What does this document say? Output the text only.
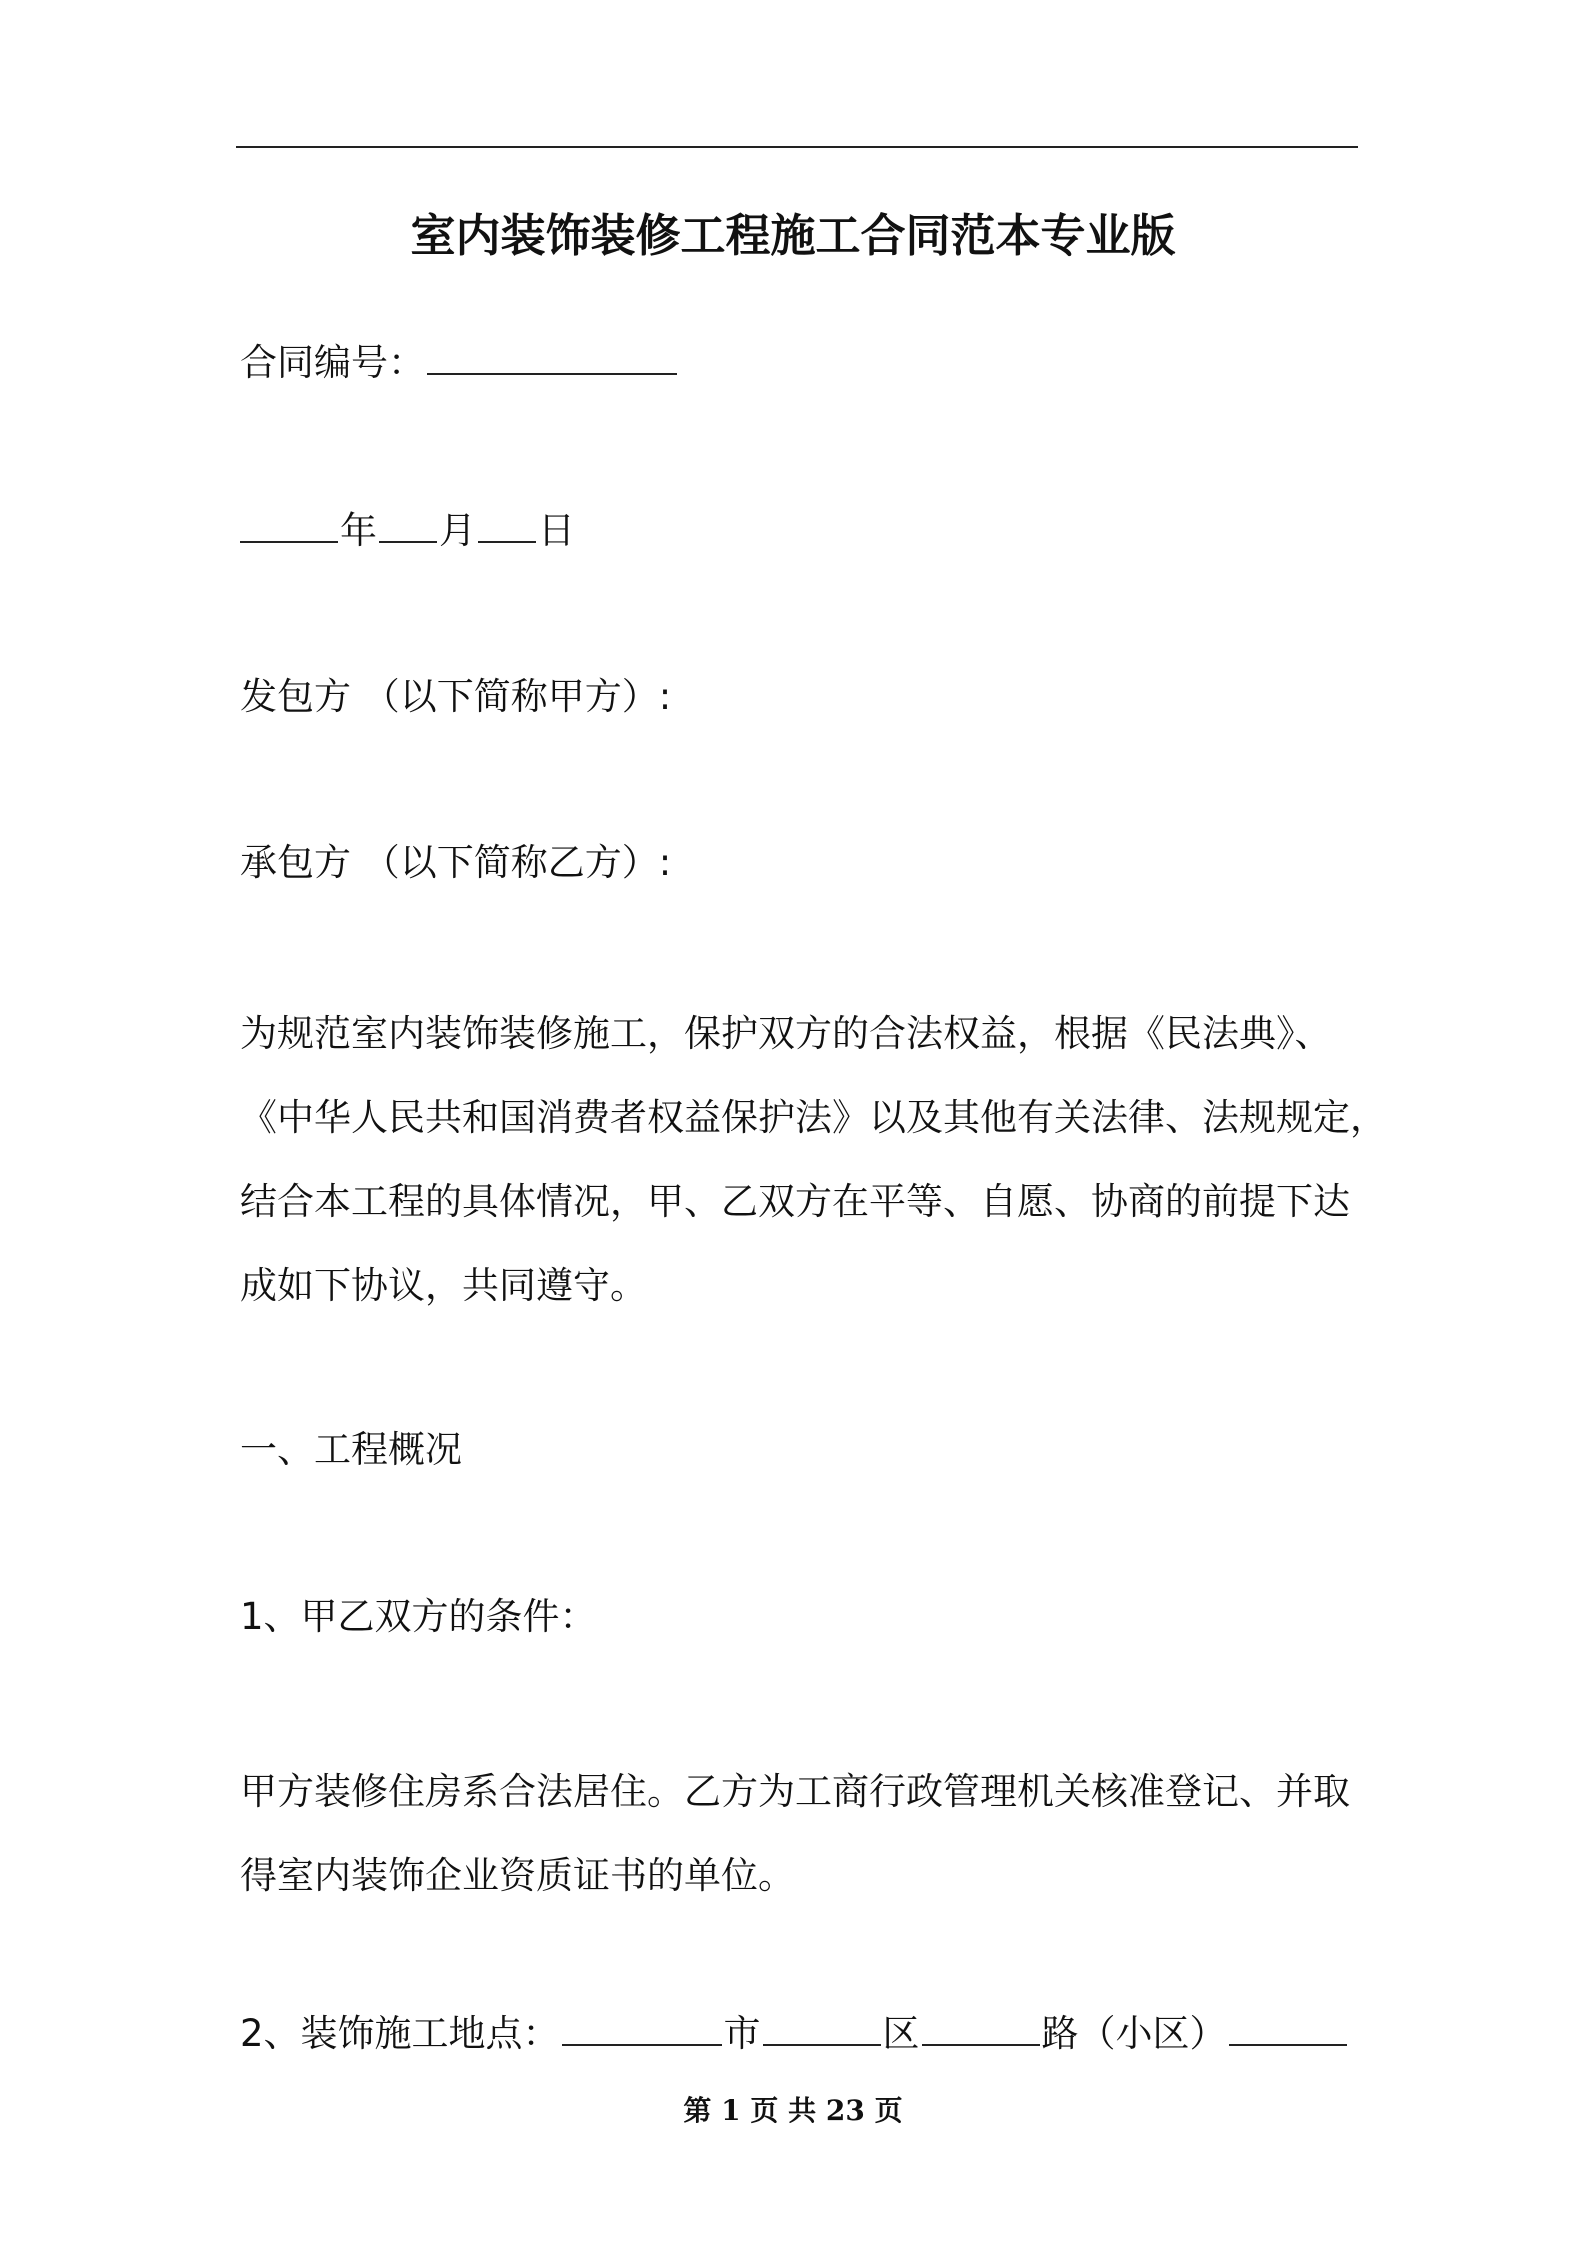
室内装饰装修工程施工合同范本专业版
合同编号：
年 月 日
发包方 （以下简称甲方）:
承包方 （以下简称乙方）:
为规范室内装饰装修施工，保护双方的合法权益，根据《民法典》、
《中华人民共和国消费者权益保护法》以及其他有关法律、法规规定，
结合本工程的具体情况，甲、乙双方在平等、自愿、协商的前提下达
成如下协议，共同遵守。
一、工程概况
1、甲乙双方的条件：
甲方装修住房系合法居住。乙方为工商行政管理机关核准登记、并取
得室内装饰企业资质证书的单位。
2、装饰施工地点：	市	区	路（小区）
第 1 页 共 23 页
